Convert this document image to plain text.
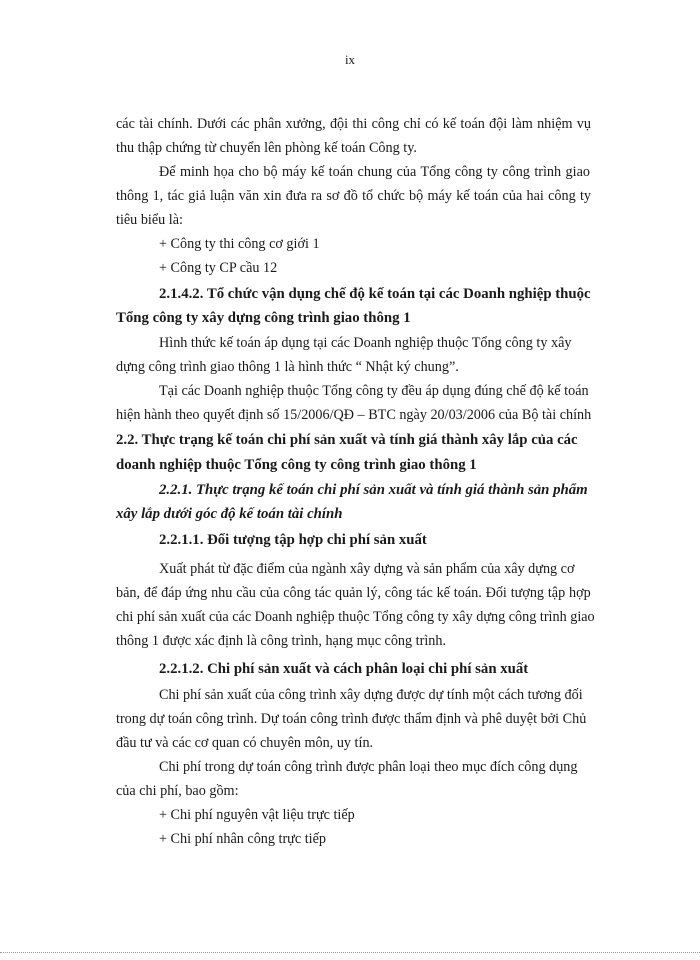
ix
các tài chính. Dưới các phân xưởng, đội thi công chỉ có kế toán đội làm nhiệm vụ
thu thập chứng từ chuyển lên phòng kế toán Công ty.
Để minh họa cho bộ máy kế toán chung của Tổng công ty công trình giao
thông 1, tác giả luận văn xin đưa ra sơ đồ tổ chức bộ máy kế toán của hai công ty
tiêu biểu là:
+ Công ty thi công cơ giới 1
+ Công ty CP cầu 12
2.1.4.2. Tổ chức vận dụng chế độ kế toán tại các Doanh nghiệp thuộc
Tổng công ty xây dựng công trình giao thông 1
Hình thức kế toán áp dụng tại các Doanh nghiệp thuộc Tổng công ty xây
dựng công trình giao thông 1 là hình thức “ Nhật ký chung”.
Tại các Doanh nghiệp thuộc Tổng công ty đều áp dụng đúng chế độ kế toán
hiện hành theo quyết định số 15/2006/QĐ – BTC ngày 20/03/2006 của Bộ tài chính
2.2. Thực trạng kế toán chi phí sản xuất và tính giá thành xây lắp của các
doanh nghiệp thuộc Tổng công ty công trình giao thông 1
2.2.1. Thực trạng kế toán chi phí sản xuất và tính giá thành sản phẩm
xây lắp dưới góc độ kế toán tài chính
2.2.1.1. Đối tượng tập hợp chi phí sản xuất
Xuất phát từ đặc điểm của ngành xây dựng và sản phẩm của xây dựng cơ
bản, để đáp ứng nhu cầu của công tác quản lý, công tác kế toán. Đối tượng tập hợp
chi phí sản xuất của các Doanh nghiệp thuộc Tổng công ty xây dựng công trình giao
thông 1 được xác định là công trình, hạng mục công trình.
2.2.1.2. Chi phí sản xuất và cách phân loại chi phí sản xuất
Chi phí sản xuất của công trình xây dựng được dự tính một cách tương đối
trong dự toán công trình. Dự toán công trình được thẩm định và phê duyệt bởi Chủ
đầu tư và các cơ quan có chuyên môn, uy tín.
Chi phí trong dự toán công trình được phân loại theo mục đích công dụng
của chi phí, bao gồm:
+ Chi phí nguyên vật liệu trực tiếp
+ Chi phí nhân công trực tiếp
